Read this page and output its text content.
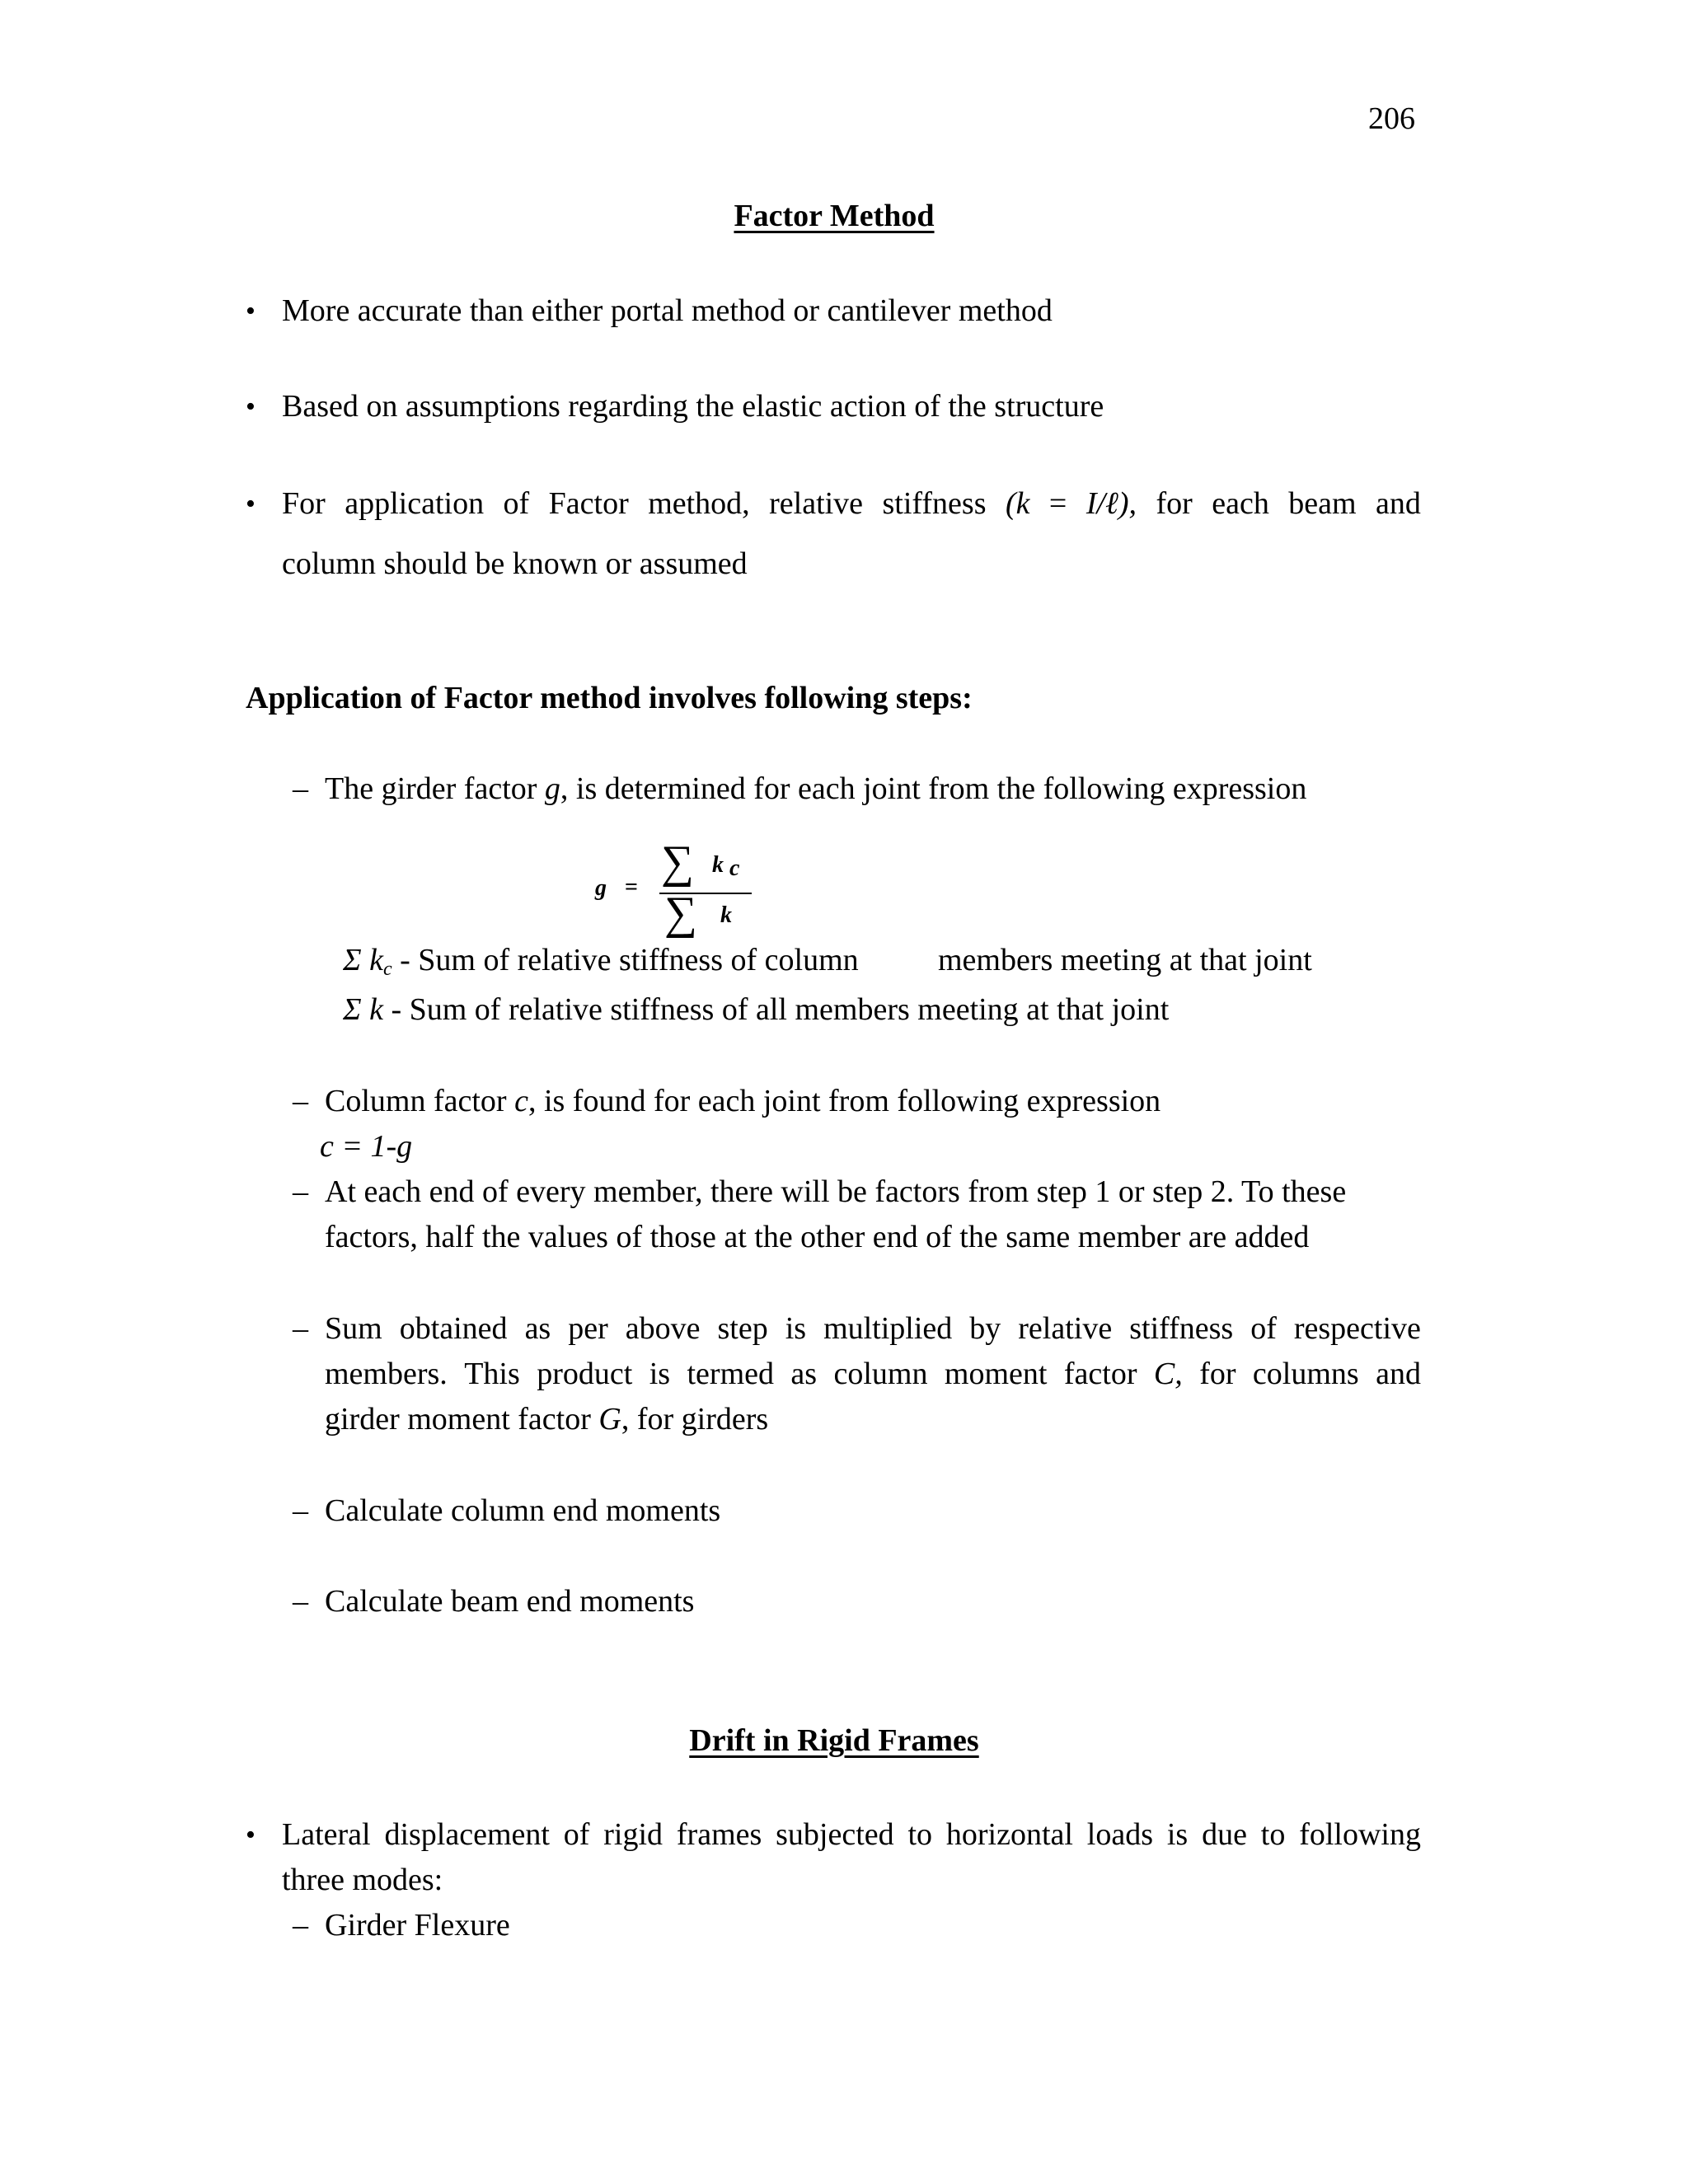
206
Factor Method
• More accurate than either portal method or cantilever method
• Based on assumptions regarding the elastic action of the structure
• For application of Factor method, relative stiffness (k = I/ℓ), for each beam and
column should be known or assumed
Application of Factor method involves following steps:
– The girder factor g, is determined for each joint from the following expression
g = ∑ k c
∑ k
Σ $k_c$ - Sum of relative stiffness of column	members meeting at that joint
Σ k - Sum of relative stiffness of all members meeting at that joint
– Column factor c, is found for each joint from following expression
c = 1-g
– At each end of every member, there will be factors from step 1 or step 2. To these
factors, half the values of those at the other end of the same member are added
– Sum obtained as per above step is multiplied by relative stiffness of respective
members. This product is termed as column moment factor C, for columns and
girder moment factor G, for girders
– Calculate column end moments
– Calculate beam end moments
Drift in Rigid Frames
• Lateral displacement of rigid frames subjected to horizontal loads is due to following
three modes:
– Girder Flexure
